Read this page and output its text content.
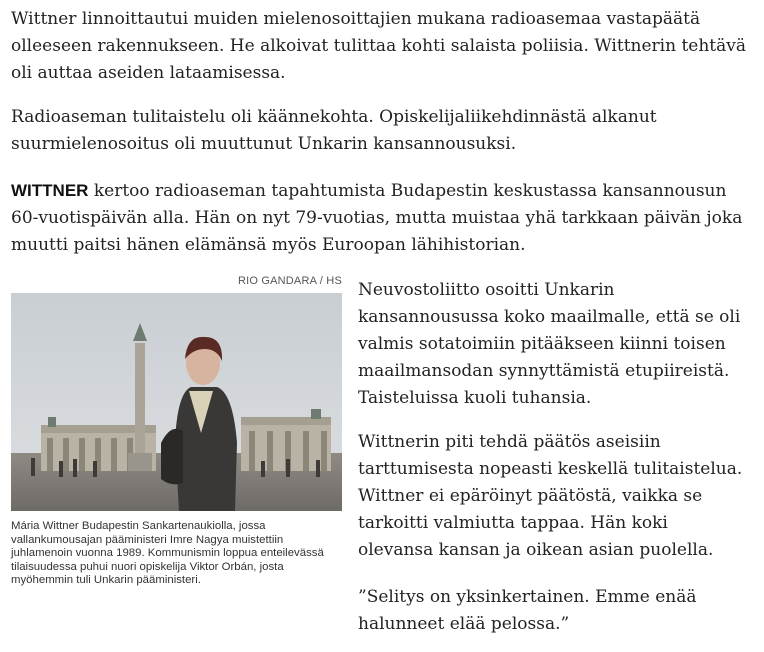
Wittner linnoittautui muiden mielenosoittajien mukana radioasemaa vastapäätä olleeseen rakennukseen. He alkoivat tulittaa kohti salaista poliisia. Wittnerin tehtävä oli auttaa aseiden lataamisessa.

Radioaseman tulitaistelu oli käännekohta. Opiskelijaliikehdinnästä alkanut suurmielenosoitus oli muuttunut Unkarin kansannousuksi.

WITTNER kertoo radioaseman tapahtumista Budapestin keskustassa kansannousun 60-vuotispäivän alla. Hän on nyt 79-vuotias, mutta muistaa yhä tarkkaan päivän joka muutti paitsi hänen elämänsä myös Euroopan lähihistorian.

RIO GANDARA / HS

Mária Wittner Budapestin Sankartenaukiolla, jossa vallankumousajan pääministeri Imre Nagya muistettiin juhlamenoin vuonna 1989. Kommunismin loppua enteilevässä tilaisuudessa puhui nuori opiskelija Viktor Orbán, josta myöhemmin tuli Unkarin pääministeri.

Neuvostoliitto osoitti Unkarin kansannousussa koko maailmalle, että se oli valmis sotatoimiin pitääkseen kiinni toisen maailmansodan synnyttämistä etupiireistä. Taisteluissa kuoli tuhansia.

Wittnerin piti tehdä päätös aseisiin tarttumisesta nopeasti keskellä tulitaistelua. Wittner ei epäröinyt päätöstä, vaikka se tarkoitti valmiutta tappaa. Hän koki olevansa kansan ja oikean asian puolella.

”Selitys on yksinkertainen. Emme enää halunneet elää pelossa.”
